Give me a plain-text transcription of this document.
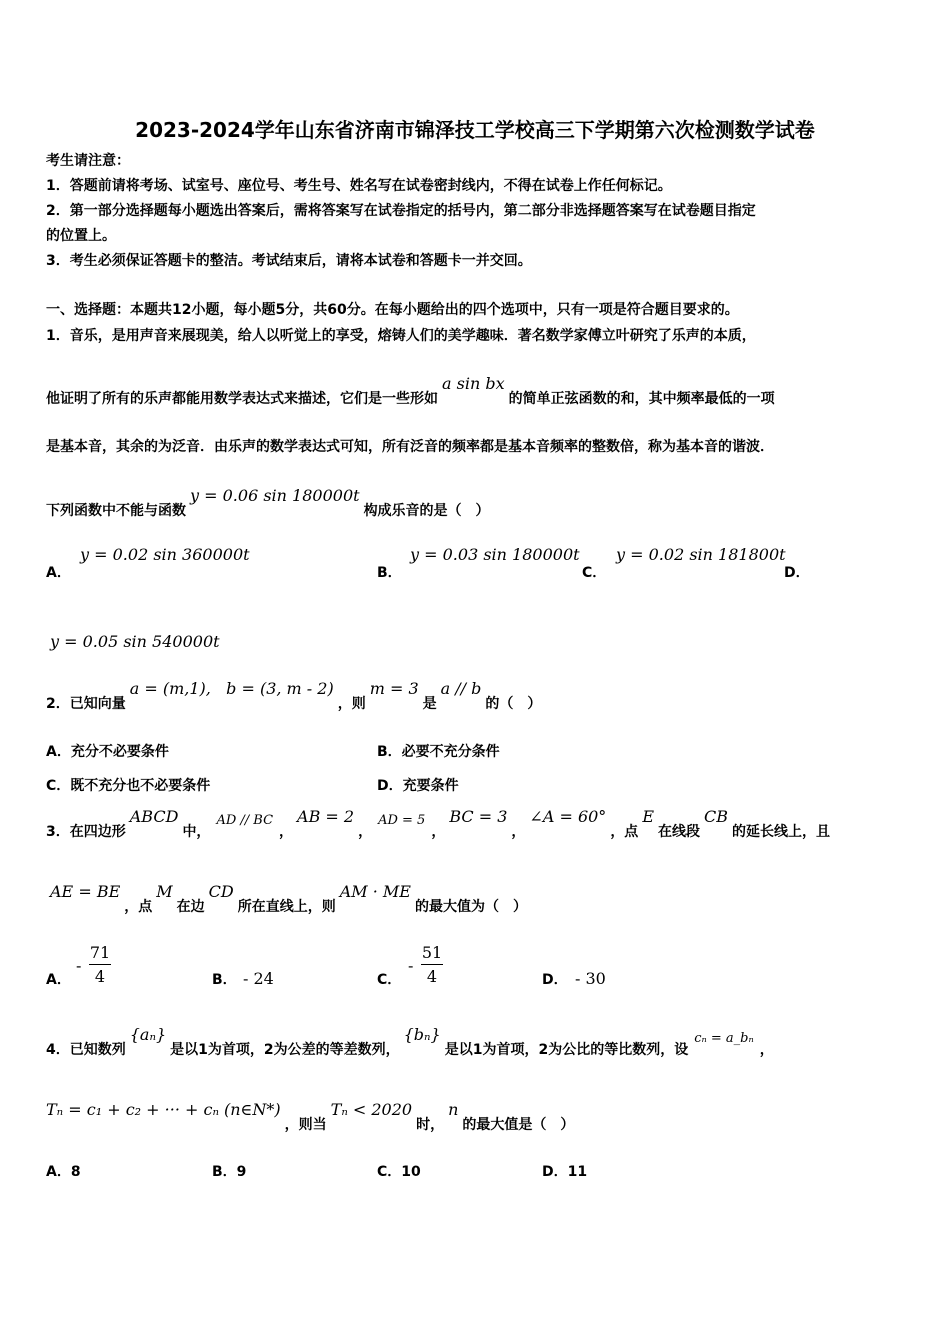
2023-2024学年山东省济南市锦泽技工学校高三下学期第六次检测数学试卷
考生请注意：
1．答题前请将考场、试室号、座位号、考生号、姓名写在试卷密封线内，不得在试卷上作任何标记。
2．第一部分选择题每小题选出答案后，需将答案写在试卷指定的括号内，第二部分非选择题答案写在试卷题目指定
的位置上。
3．考生必须保证答题卡的整洁。考试结束后，请将本试卷和答题卡一并交回。
一、选择题：本题共12小题，每小题5分，共60分。在每小题给出的四个选项中，只有一项是符合题目要求的。
1．音乐，是用声音来展现美，给人以听觉上的享受，熔铸人们的美学趣味．著名数学家傅立叶研究了乐声的本质，
他证明了所有的乐声都能用数学表达式来描述，它们是一些形如a sin bx的简单正弦函数的和，其中频率最低的一项
是基本音，其余的为泛音．由乐声的数学表达式可知，所有泛音的频率都是基本音频率的整数倍，称为基本音的谐波．
下列函数中不能与函数y = 0.06 sin 180000t构成乐音的是（　）
A．
y = 0.02 sin 360000t
B．
y = 0.03 sin 180000t
C．
y = 0.02 sin 181800t
D．
y = 0.05 sin 540000t
2．已知向量a = (m,1),   b = (3, m - 2)，则m = 3是a // b的（　）
A．充分不必要条件	B．必要不充分条件
C．既不充分也不必要条件	D．充要条件
3．在四边形ABCD中，AD // BC，AB = 2，AD = 5，BC = 3，∠A = 60°，点E在线段CB的延长线上，且
AE = BE，点M在边CD所在直线上，则AM · ME的最大值为（　）
A．
- $\frac{71}{4}$	B． - 24	C．
- $\frac{51}{4}$	D． - 30
4．已知数列{aₙ}是以1为首项，2为公差的等差数列，{bₙ}是以1为首项，2为公比的等比数列，设cₙ = a_bₙ，
Tₙ = c₁ + c₂ + ··· + cₙ (n∈N*)，则当Tₙ < 2020时，n的最大值是（　）
A．8	B．9	C．10	D．11
